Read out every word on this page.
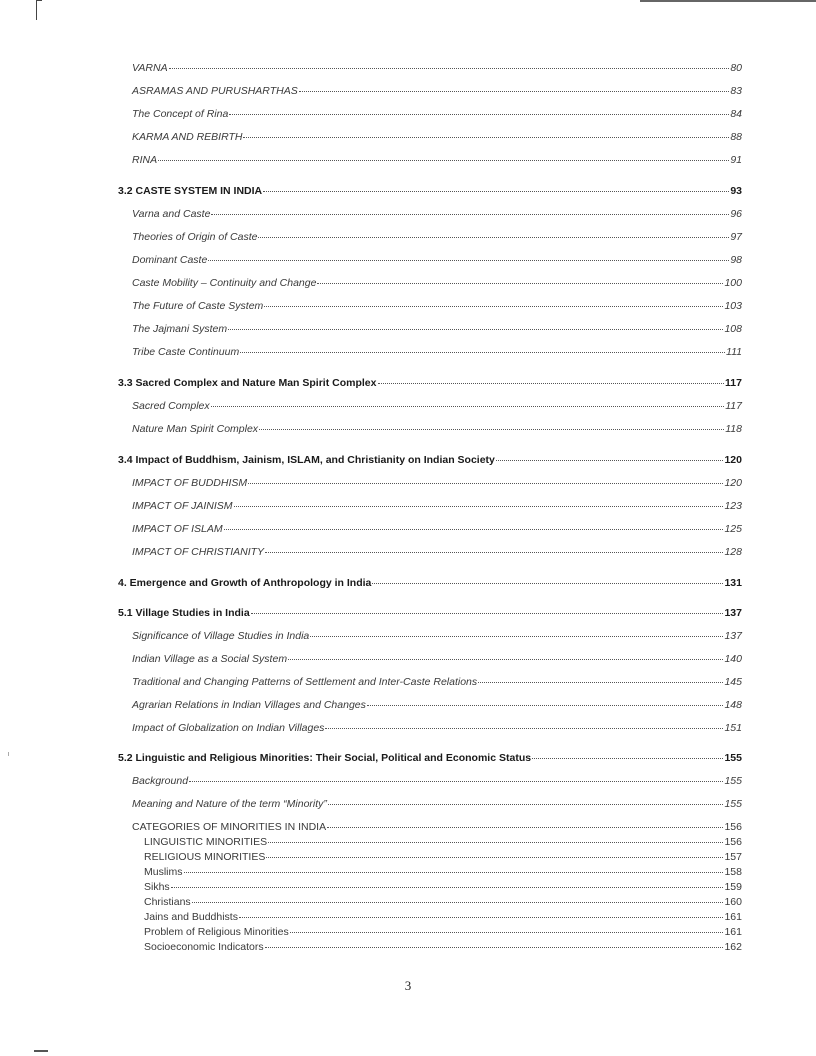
VARNA	80
ASRAMAS AND PURUSHARTHAS	83
The Concept of Rina	84
KARMA AND REBIRTH	88
RINA	91
3.2 CASTE SYSTEM IN INDIA	93
Varna and Caste	96
Theories of Origin of Caste	97
Dominant Caste	98
Caste Mobility – Continuity and Change	100
The Future of Caste System	103
The Jajmani System	108
Tribe Caste Continuum	111
3.3 Sacred Complex and Nature Man Spirit Complex	117
Sacred Complex	117
Nature Man Spirit Complex	118
3.4 Impact of Buddhism, Jainism, ISLAM, and Christianity on Indian Society	120
IMPACT OF BUDDHISM	120
IMPACT OF JAINISM	123
IMPACT OF ISLAM	125
IMPACT OF CHRISTIANITY	128
4. Emergence and Growth of Anthropology in India	131
5.1 Village Studies in India	137
Significance of Village Studies in India	137
Indian Village as a Social System	140
Traditional and Changing Patterns of Settlement and Inter-Caste Relations	145
Agrarian Relations in Indian Villages and Changes	148
Impact of Globalization on Indian Villages	151
5.2 Linguistic and Religious Minorities: Their Social, Political and Economic Status	155
Background	155
Meaning and Nature of the term “Minority”	155
CATEGORIES OF MINORITIES IN INDIA	156
LINGUISTIC MINORITIES	156
RELIGIOUS MINORITIES	157
Muslims	158
Sikhs	159
Christians	160
Jains and Buddhists	161
Problem of Religious Minorities	161
Socioeconomic Indicators	162
3
